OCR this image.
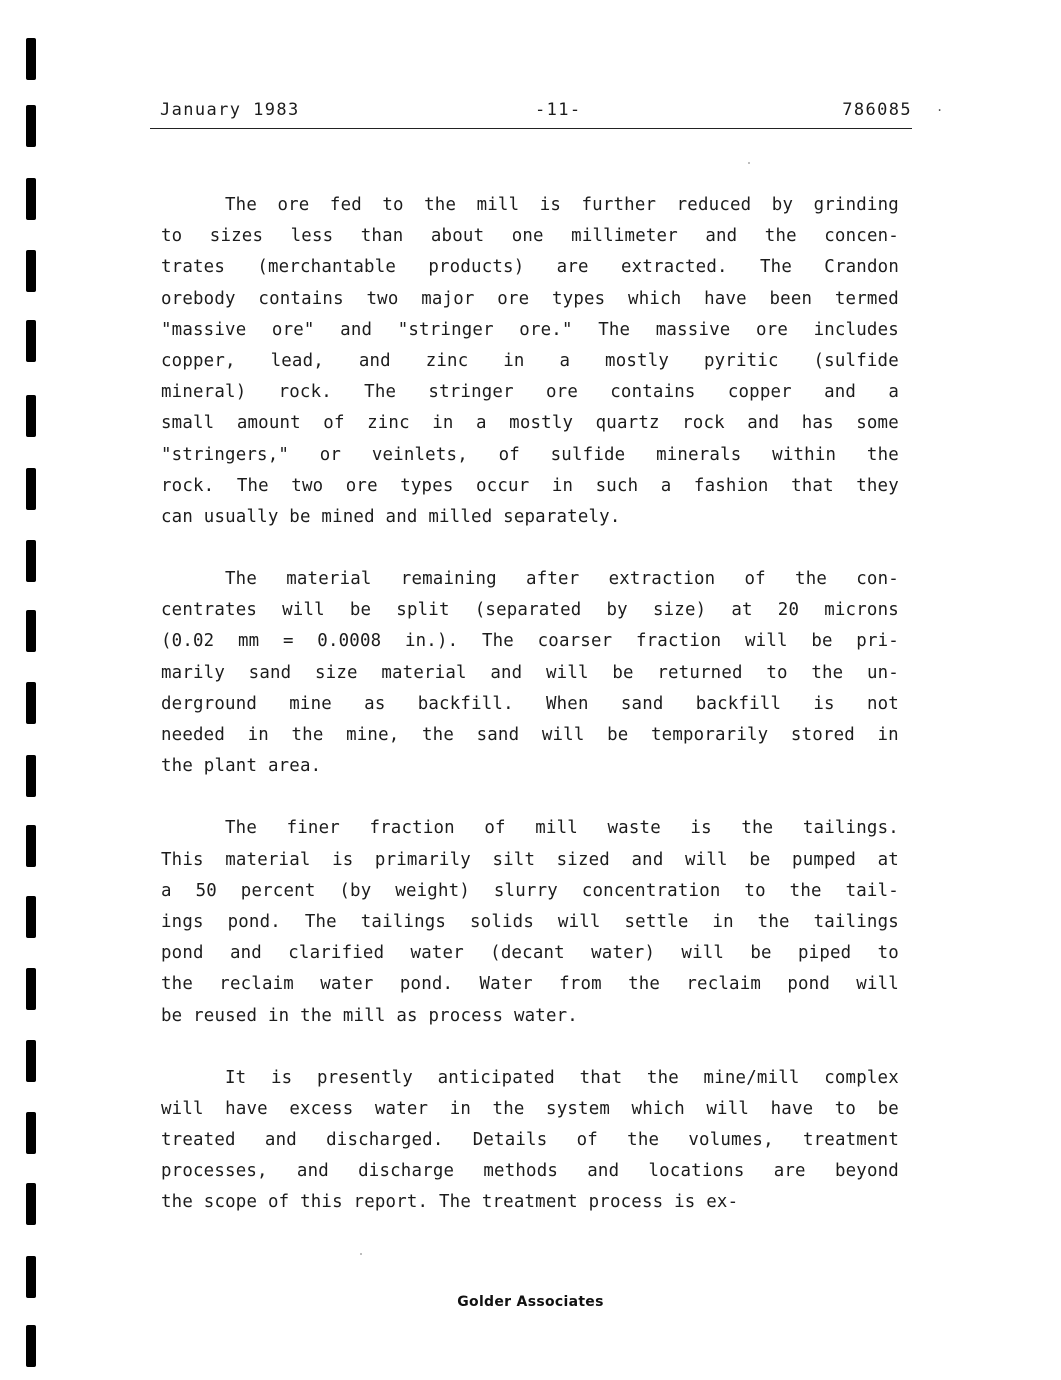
January 1983	-11-	.
786085
The ore fed to the mill is further reduced by grinding
to sizes less than about one millimeter and the concen-
trates (merchantable products) are extracted. The Crandon
orebody contains two major ore types which have been termed
"massive ore" and "stringer ore." The massive ore includes
copper, lead, and zinc in a mostly pyritic (sulfide
mineral) rock. The stringer ore contains copper and a
small amount of zinc in a mostly quartz rock and has some
"stringers," or veinlets, of sulfide minerals within the
rock. The two ore types occur in such a fashion that they
can usually be mined and milled separately.
The material remaining after extraction of the con-
centrates will be split (separated by size) at 20 microns
(0.02 mm = 0.0008 in.). The coarser fraction will be pri-
marily sand size material and will be returned to the un-
derground mine as backfill. When sand backfill is not
needed in the mine, the sand will be temporarily stored in
the plant area.
The finer fraction of mill waste is the tailings.
This material is primarily silt sized and will be pumped at
a 50 percent (by weight) slurry concentration to the tail-
ings pond. The tailings solids will settle in the tailings
pond and clarified water (decant water) will be piped to
the reclaim water pond. Water from the reclaim pond will
be reused in the mill as process water.
It is presently anticipated that the mine/mill complex
will have excess water in the system which will have to be
treated and discharged. Details of the volumes, treatment
processes, and discharge methods and locations are beyond
the scope of this report. The treatment process is ex-
Golder Associates
